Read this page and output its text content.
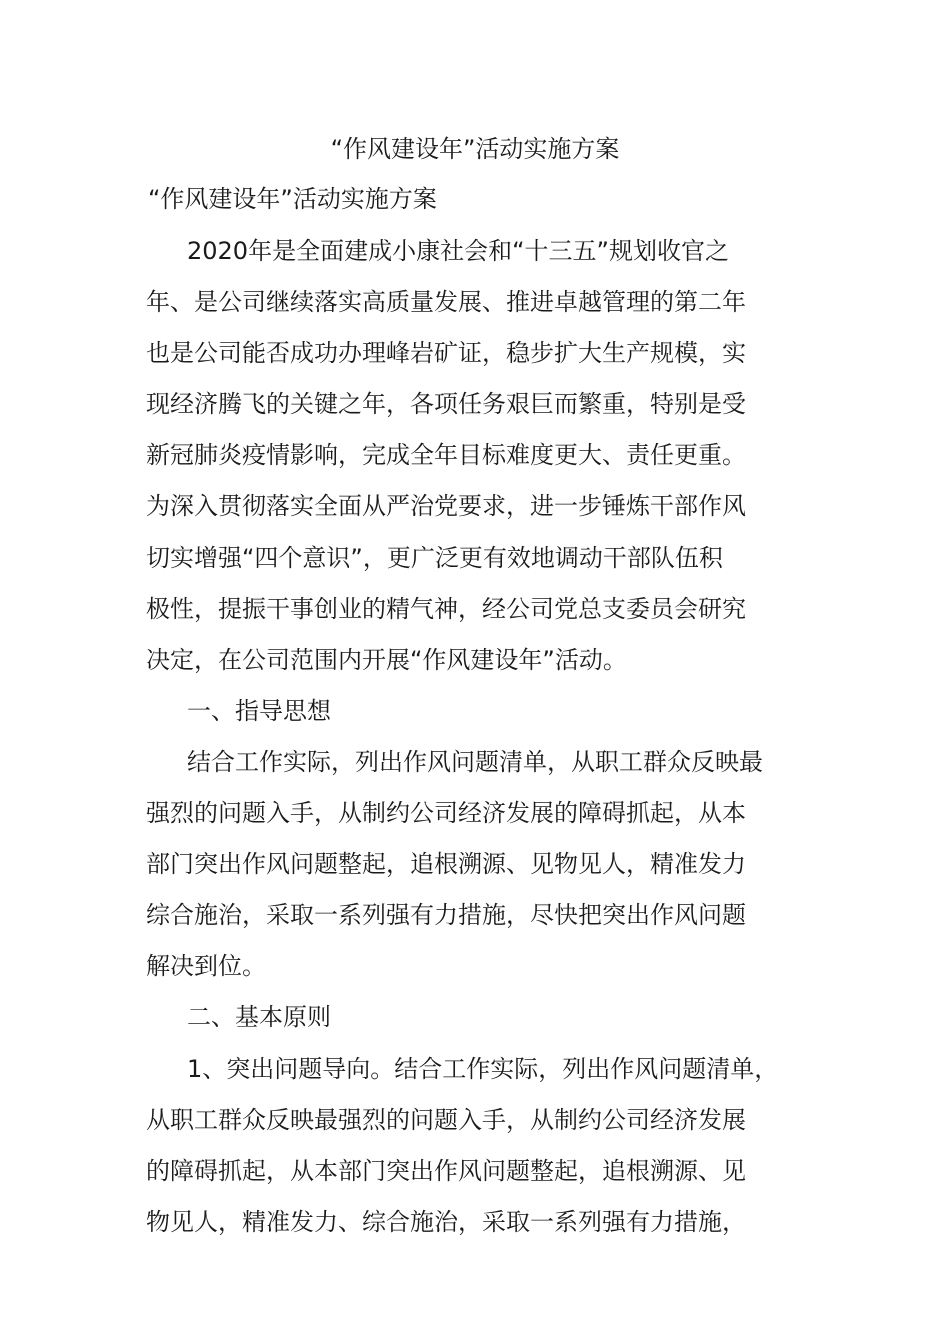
“作风建设年”活动实施方案
“作风建设年”活动实施方案
2020年是全面建成小康社会和“十三五”规划收官之
年、是公司继续落实高质量发展、推进卓越管理的第二年
也是公司能否成功办理峰岩矿证，稳步扩大生产规模，实
现经济腾飞的关键之年，各项任务艰巨而繁重，特别是受
新冠肺炎疫情影响，完成全年目标难度更大、责任更重。
为深入贯彻落实全面从严治党要求，进一步锤炼干部作风
切实增强“四个意识”，更广泛更有效地调动干部队伍积
极性，提振干事创业的精气神，经公司党总支委员会研究
决定，在公司范围内开展“作风建设年”活动。
一、指导思想
结合工作实际，列出作风问题清单，从职工群众反映最
强烈的问题入手，从制约公司经济发展的障碍抓起，从本
部门突出作风问题整起，追根溯源、见物见人，精准发力
综合施治，采取一系列强有力措施，尽快把突出作风问题
解决到位。
二、基本原则
1、突出问题导向。结合工作实际，列出作风问题清单，
从职工群众反映最强烈的问题入手，从制约公司经济发展
的障碍抓起，从本部门突出作风问题整起，追根溯源、见
物见人，精准发力、综合施治，采取一系列强有力措施，
